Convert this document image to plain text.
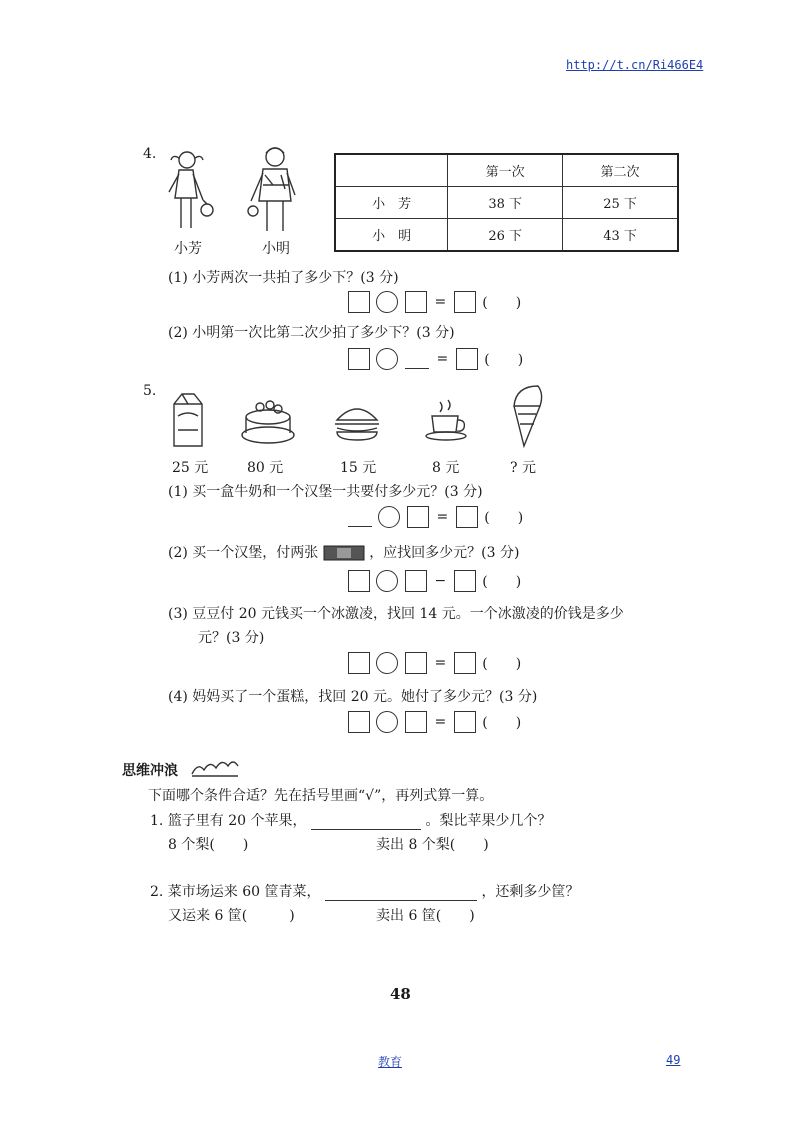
http://t.cn/Ri466E4
4.
小芳	小明
	第一次	第二次
小　芳	38 下	25 下
小　明	26 下	43 下
(1) 小芳两次一共拍了多少下？(3 分)
=	(　　)
(2) 小明第一次比第二次少拍了多少下？(3 分)
=	(　　)
5.
25 元	80 元	15 元	8 元	? 元
(1) 买一盒牛奶和一个汉堡一共要付多少元？(3 分)
=	(　　)
(2) 买一个汉堡，付两张	，应找回多少元？(3 分)
−	(　　)
(3) 豆豆付 20 元钱买一个冰激凌，找回 14 元。一个冰激凌的价钱是多少
元？(3 分)
=	(　　)
(4) 妈妈买了一个蛋糕，找回 20 元。她付了多少元？(3 分)
=	(　　)
思维冲浪
下面哪个条件合适？先在括号里画“√”，再列式算一算。
1. 篮子里有 20 个苹果，	。梨比苹果少几个？
8 个梨(　　)	卖出 8 个梨(　　)
2. 菜市场运来 60 筐青菜，	，还剩多少筐？
又运来 6 筐(　　　)	卖出 6 筐(　　)
48
教育	49
